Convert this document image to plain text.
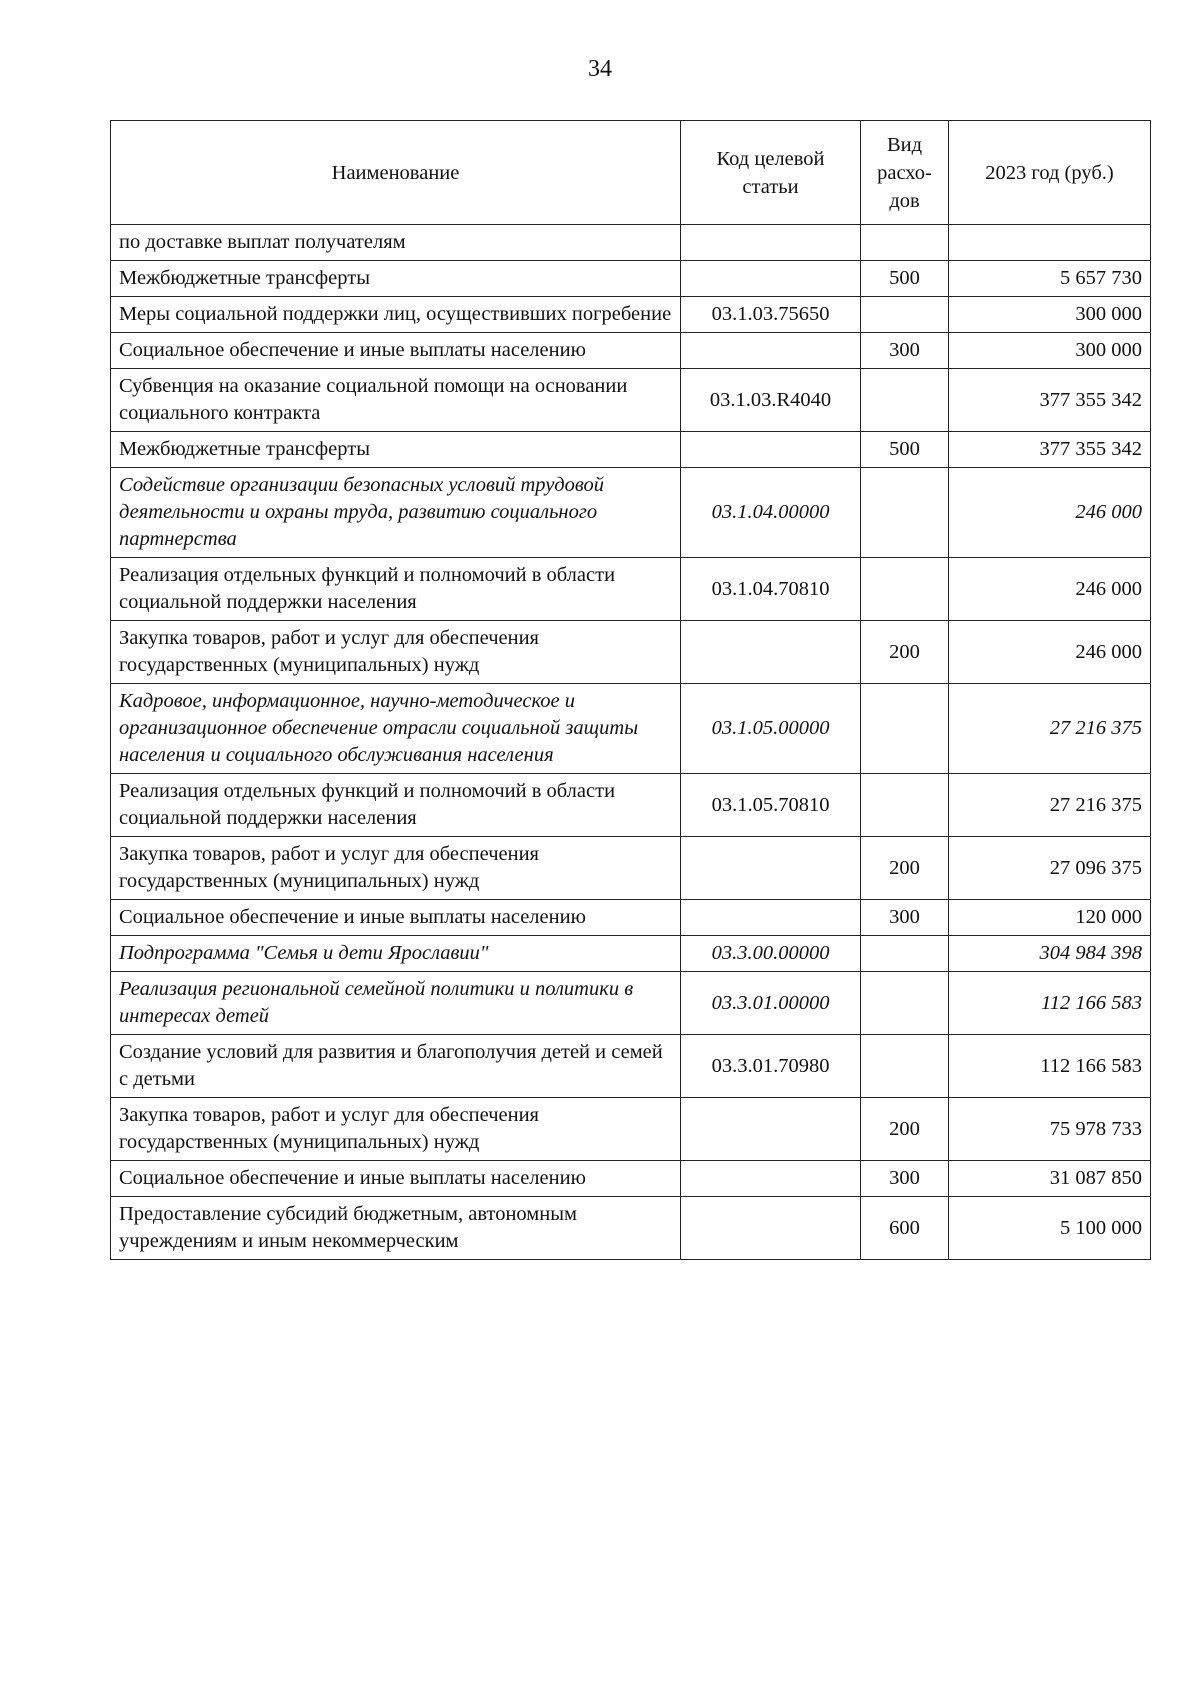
34
Наименование	Код целевой статьи	Вид расхо-дов	2023 год (руб.)
по доставке выплат получателям			
Межбюджетные трансферты		500	5 657 730
Меры социальной поддержки лиц, осуществивших погребение	03.1.03.75650		300 000
Социальное обеспечение и иные выплаты населению		300	300 000
Субвенция на оказание социальной помощи на основании социального контракта	03.1.03.R4040		377 355 342
Межбюджетные трансферты		500	377 355 342
Содействие организации безопасных условий трудовой деятельности и охраны труда, развитию социального партнерства	03.1.04.00000		246 000
Реализация отдельных функций и полномочий в области социальной поддержки населения	03.1.04.70810		246 000
Закупка товаров, работ и услуг для обеспечения государственных (муниципальных) нужд		200	246 000
Кадровое, информационное, научно-методическое и организационное обеспечение отрасли социальной защиты населения и социального обслуживания населения	03.1.05.00000		27 216 375
Реализация отдельных функций и полномочий в области социальной поддержки населения	03.1.05.70810		27 216 375
Закупка товаров, работ и услуг для обеспечения государственных (муниципальных) нужд		200	27 096 375
Социальное обеспечение и иные выплаты населению		300	120 000
Подпрограмма "Семья и дети Ярославии"	03.3.00.00000		304 984 398
Реализация региональной семейной политики и политики в интересах детей	03.3.01.00000		112 166 583
Создание условий для развития и благополучия детей и семей с детьми	03.3.01.70980		112 166 583
Закупка товаров, работ и услуг для обеспечения государственных (муниципальных) нужд		200	75 978 733
Социальное обеспечение и иные выплаты населению		300	31 087 850
Предоставление субсидий бюджетным, автономным учреждениям и иным некоммерческим		600	5 100 000
